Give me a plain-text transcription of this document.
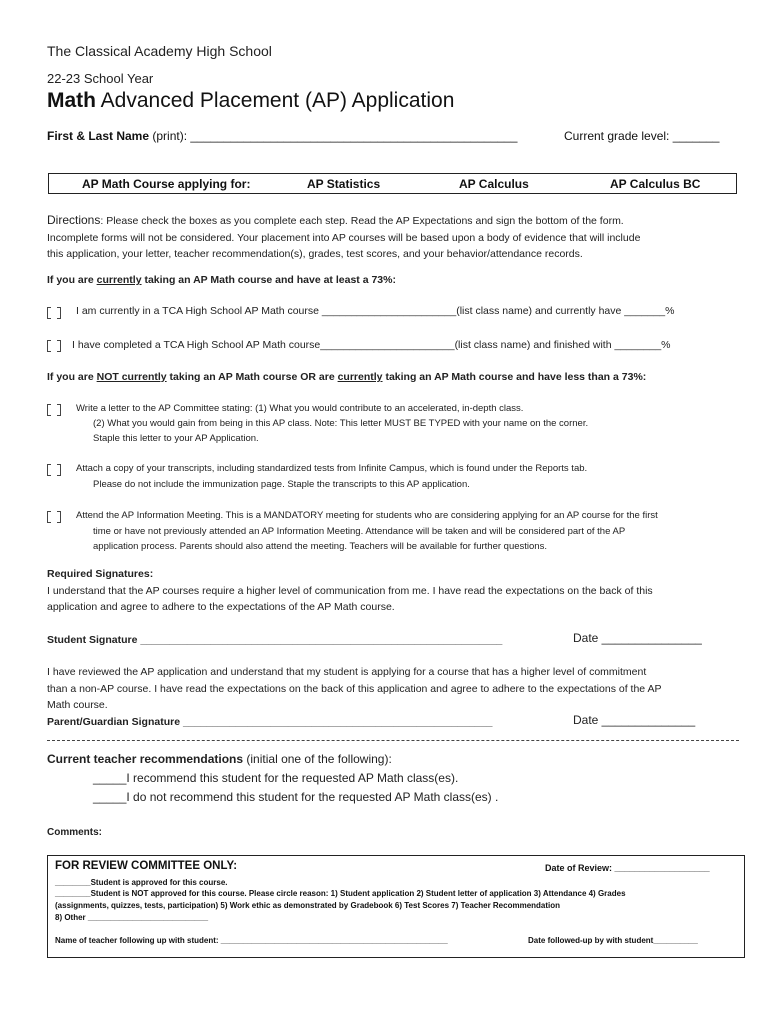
The Classical Academy High School
22-23 School Year
Math Advanced Placement (AP) Application
First & Last Name (print): _________________________________________________	Current grade level: _______
AP Math Course applying for:	AP Statistics	AP Calculus	AP Calculus BC
Directions: Please check the boxes as you complete each step. Read the AP Expectations and sign the bottom of the form.
Incomplete forms will not be considered. Your placement into AP courses will be based upon a body of evidence that will include
this application, your letter, teacher recommendation(s), grades, test scores, and your behavior/attendance records.
If you are currently taking an AP Math course and have at least a 73%:
I am currently in a TCA High School AP Math course _______________________(list class name) and currently have _______%
I have completed a TCA High School AP Math course_______________________(list class name) and finished with ________%
If you are NOT currently taking an AP Math course OR are currently taking an AP Math course and have less than a 73%:
Write a letter to the AP Committee stating: (1) What you would contribute to an accelerated, in-depth class.
(2) What you would gain from being in this AP class. Note: This letter MUST BE TYPED with your name on the corner.
Staple this letter to your AP Application.
Attach a copy of your transcripts, including standardized tests from Infinite Campus, which is found under the Reports tab.
Please do not include the immunization page. Staple the transcripts to this AP application.
Attend the AP Information Meeting. This is a MANDATORY meeting for students who are considering applying for an AP course for the first
time or have not previously attended an AP Information Meeting. Attendance will be taken and will be considered part of the AP
application process. Parents should also attend the meeting. Teachers will be available for further questions.
Required Signatures:
I understand that the AP courses require a higher level of communication from me. I have read the expectations on the back of this
application and agree to adhere to the expectations of the AP Math course.
Student Signature ______________________________________________________________	Date _______________
I have reviewed the AP application and understand that my student is applying for a course that has a higher level of commitment
than a non-AP course. I have read the expectations on the back of this application and agree to adhere to the expectations of the AP
Math course.
Parent/Guardian Signature _____________________________________________________	Date ______________
Current teacher recommendations (initial one of the following):
_____I recommend this student for the requested AP Math class(es).
_____I do not recommend this student for the requested AP Math class(es) .
Comments:
FOR REVIEW COMMITTEE ONLY:	Date of Review: ___________________
________Student is approved for this course.
________Student is NOT approved for this course. Please circle reason: 1) Student application 2) Student letter of application 3) Attendance 4) Grades
(assignments, quizzes, tests, participation) 5) Work ethic as demonstrated by Gradebook 6) Test Scores 7) Teacher Recommendation
8) Other ___________________________
Name of teacher following up with student: ___________________________________________________	Date followed-up by with student__________
